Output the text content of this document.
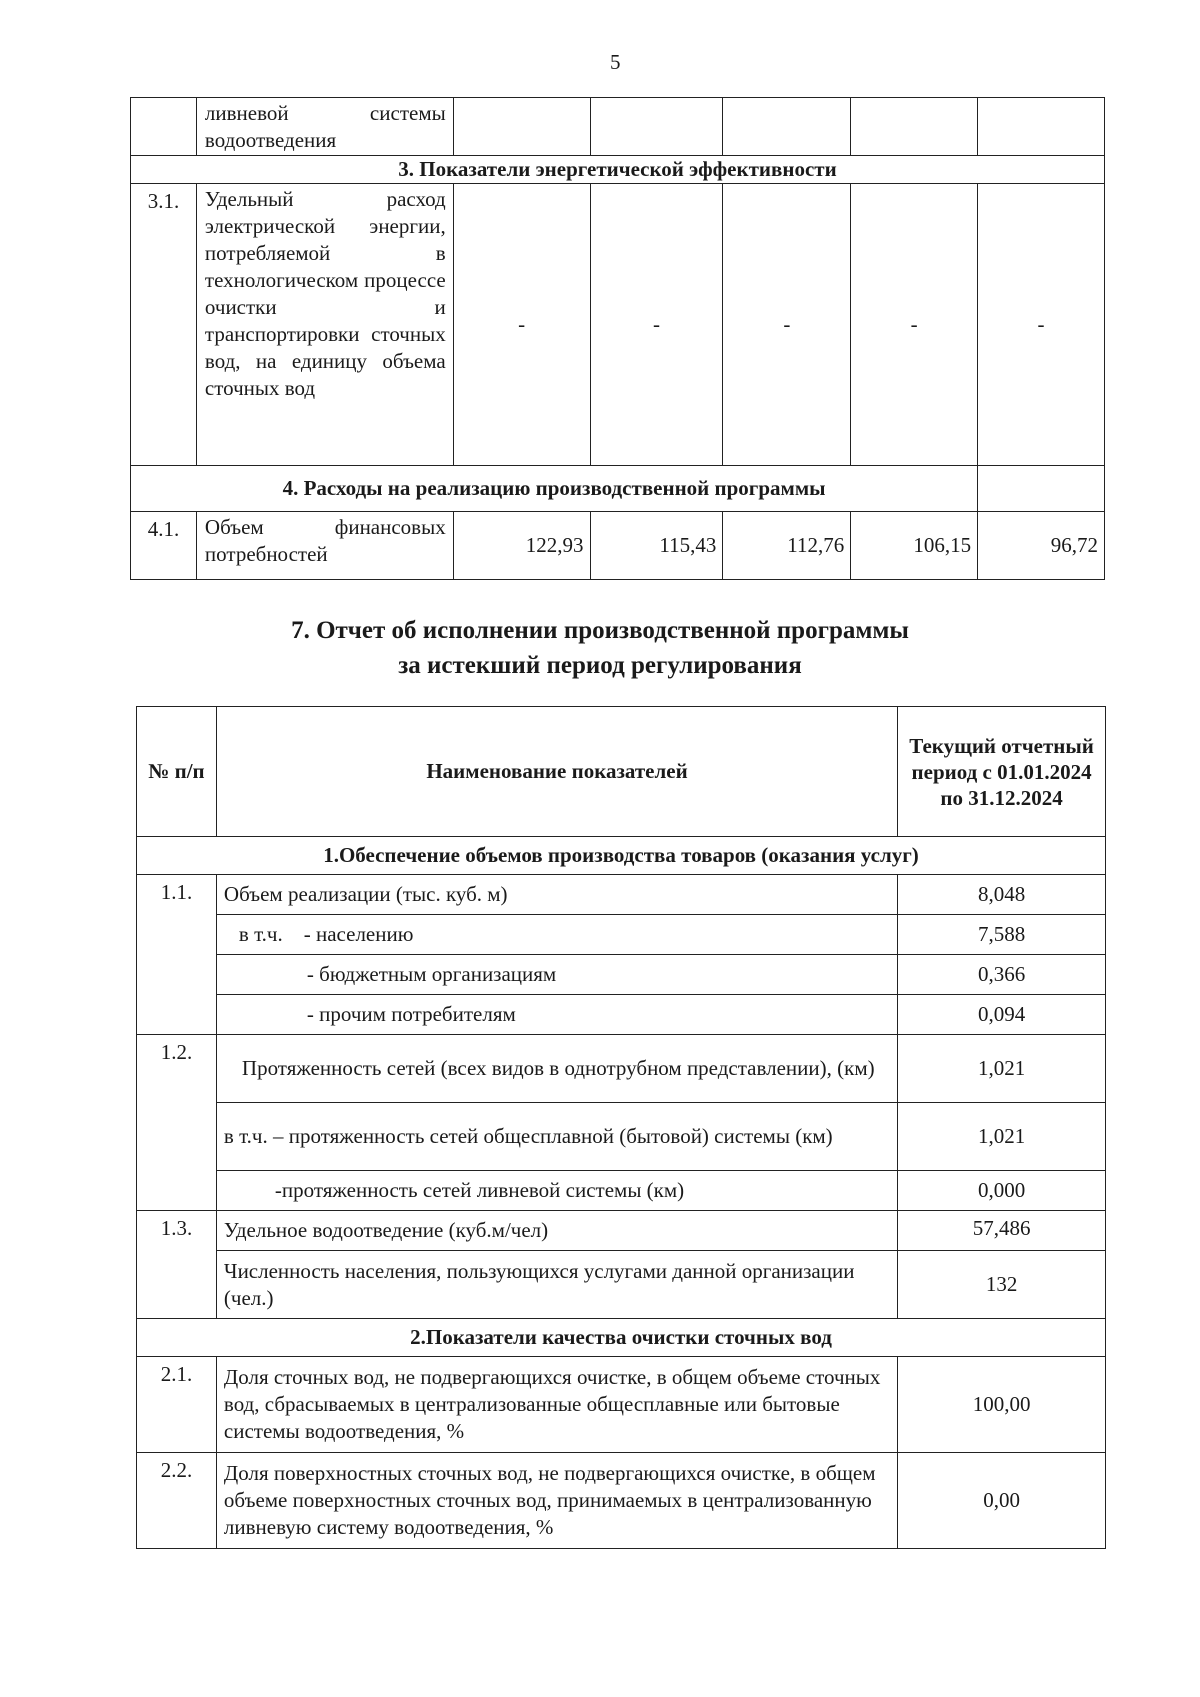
5
	ливневой системы водоотведения					
3. Показатели энергетической эффективности						
3.1.	Удельный расход электрической энергии, потребляемой в технологическом процессе очистки и транспортировки сточных вод, на единицу объема сточных вод	-	-	-	-	-
4. Расходы на реализацию производственной программы						
4.1.	Объем финансовых потребностей	122,93	115,43	112,76	106,15	96,72
7. Отчет об исполнении производственной программы
за истекший период регулирования
№ п/п	Наименование показателей	Текущий отчетный период с 01.01.2024 по 31.12.2024
1.Обеспечение объемов производства товаров (оказания услуг)		
1.1.	Объем реализации (тыс. куб. м)	8,048
	в т.ч.    - населению	7,588
	- бюджетным организациям	0,366
	- прочим потребителям	0,094
1.2.	Протяженность сетей (всех видов в однотрубном представлении), (км)	1,021
	в т.ч. – протяженность сетей общесплавной (бытовой) системы (км)	1,021
	-протяженность сетей ливневой системы (км)	0,000
1.3.	Удельное водоотведение (куб.м/чел)	57,486
	Численность населения, пользующихся услугами данной организации (чел.)	132
2.Показатели качества очистки сточных вод		
2.1.	Доля сточных вод, не подвергающихся очистке, в общем объеме сточных вод, сбрасываемых в централизованные общесплавные или бытовые системы водоотведения, %	100,00
2.2.	Доля поверхностных сточных вод, не подвергающихся очистке, в общем объеме поверхностных сточных вод, принимаемых в централизованную ливневую систему водоотведения, %	0,00
